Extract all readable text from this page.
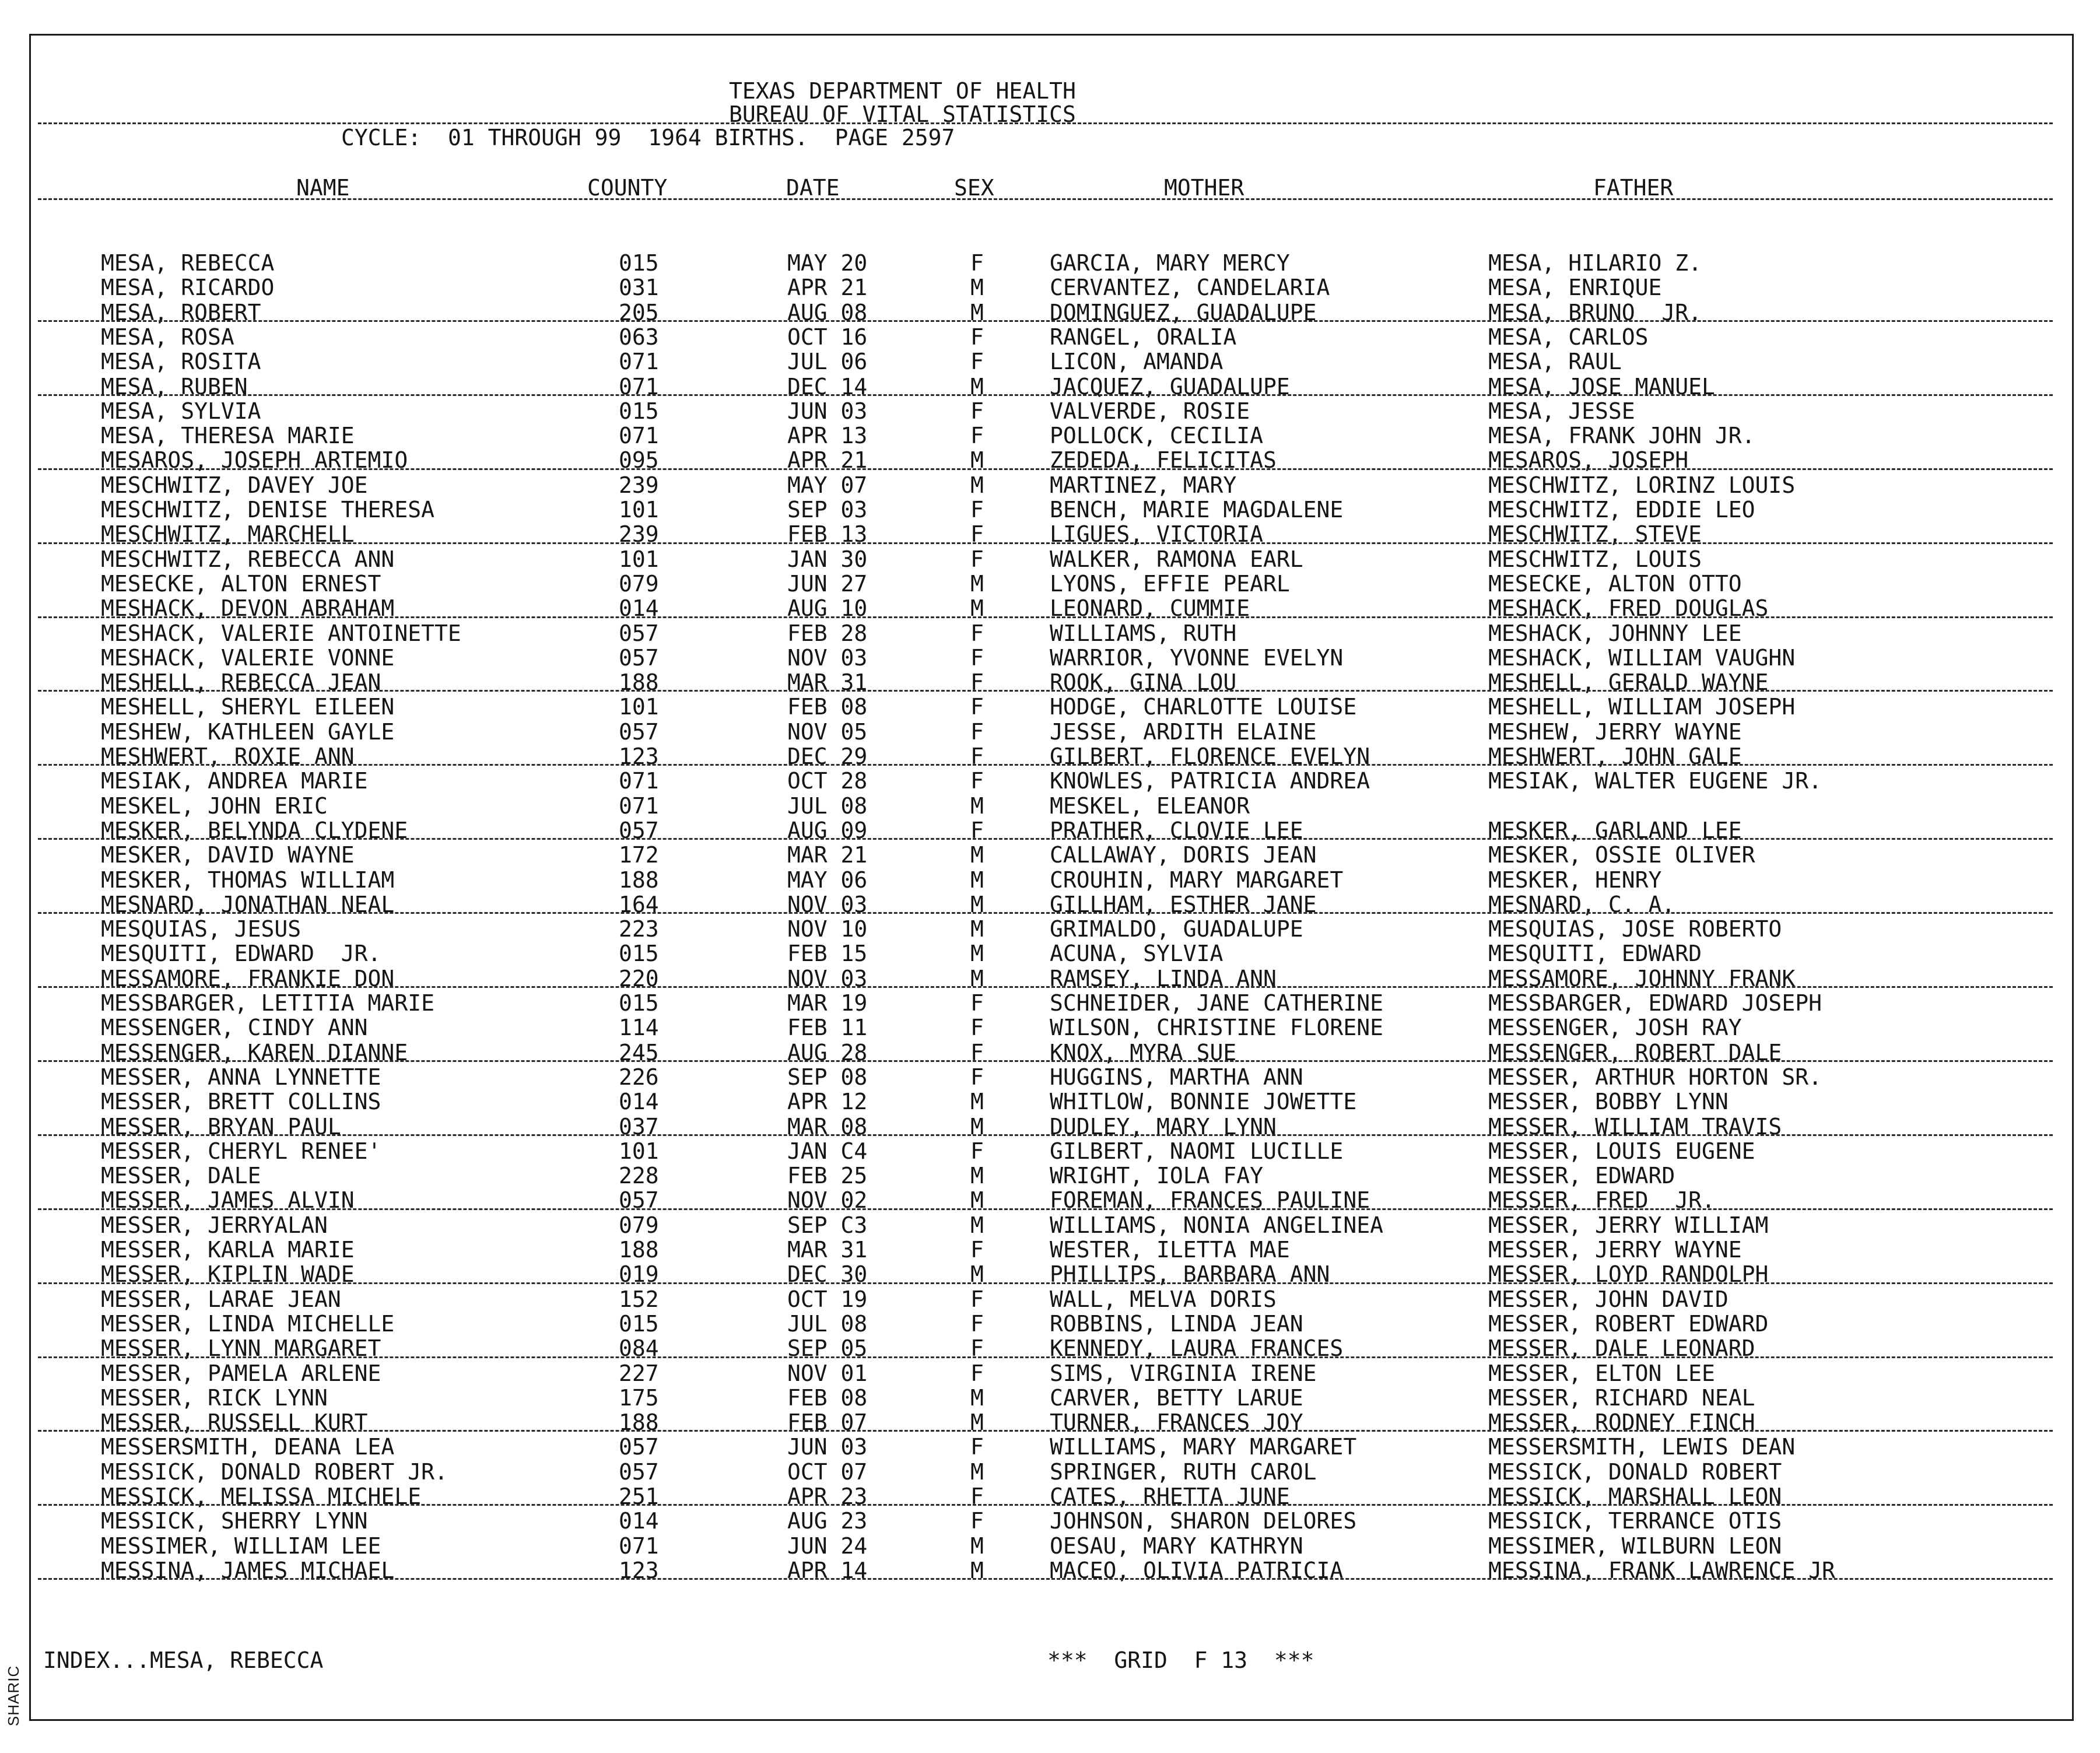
SHARIC
TEXAS DEPARTMENT OF HEALTH
BUREAU OF VITAL STATISTICS
CYCLE:  01 THROUGH 99  1964 BIRTHS.  PAGE 2597
NAME	COUNTY	DATE	SEX	MOTHER	FATHER
MESA, REBECCA	015	MAY 20	F	GARCIA, MARY MERCY	MESA, HILARIO Z.
MESA, RICARDO	031	APR 21	M	CERVANTEZ, CANDELARIA	MESA, ENRIQUE
MESA, ROBERT	205	AUG 08	M	DOMINGUEZ, GUADALUPE	MESA, BRUNO  JR.
MESA, ROSA	063	OCT 16	F	RANGEL, ORALIA	MESA, CARLOS
MESA, ROSITA	071	JUL 06	F	LICON, AMANDA	MESA, RAUL
MESA, RUBEN	071	DEC 14	M	JACQUEZ, GUADALUPE	MESA, JOSE MANUEL
MESA, SYLVIA	015	JUN 03	F	VALVERDE, ROSIE	MESA, JESSE
MESA, THERESA MARIE	071	APR 13	F	POLLOCK, CECILIA	MESA, FRANK JOHN JR.
MESAROS, JOSEPH ARTEMIO	095	APR 21	M	ZEDEDA, FELICITAS	MESAROS, JOSEPH
MESCHWITZ, DAVEY JOE	239	MAY 07	M	MARTINEZ, MARY	MESCHWITZ, LORINZ LOUIS
MESCHWITZ, DENISE THERESA	101	SEP 03	F	BENCH, MARIE MAGDALENE	MESCHWITZ, EDDIE LEO
MESCHWITZ, MARCHELL	239	FEB 13	F	LIGUES, VICTORIA	MESCHWITZ, STEVE
MESCHWITZ, REBECCA ANN	101	JAN 30	F	WALKER, RAMONA EARL	MESCHWITZ, LOUIS
MESECKE, ALTON ERNEST	079	JUN 27	M	LYONS, EFFIE PEARL	MESECKE, ALTON OTTO
MESHACK, DEVON ABRAHAM	014	AUG 10	M	LEONARD, CUMMIE	MESHACK, FRED DOUGLAS
MESHACK, VALERIE ANTOINETTE	057	FEB 28	F	WILLIAMS, RUTH	MESHACK, JOHNNY LEE
MESHACK, VALERIE VONNE	057	NOV 03	F	WARRIOR, YVONNE EVELYN	MESHACK, WILLIAM VAUGHN
MESHELL, REBECCA JEAN	188	MAR 31	F	ROOK, GINA LOU	MESHELL, GERALD WAYNE
MESHELL, SHERYL EILEEN	101	FEB 08	F	HODGE, CHARLOTTE LOUISE	MESHELL, WILLIAM JOSEPH
MESHEW, KATHLEEN GAYLE	057	NOV 05	F	JESSE, ARDITH ELAINE	MESHEW, JERRY WAYNE
MESHWERT, ROXIE ANN	123	DEC 29	F	GILBERT, FLORENCE EVELYN	MESHWERT, JOHN GALE
MESIAK, ANDREA MARIE	071	OCT 28	F	KNOWLES, PATRICIA ANDREA	MESIAK, WALTER EUGENE JR.
MESKEL, JOHN ERIC	071	JUL 08	M	MESKEL, ELEANOR
MESKER, BELYNDA CLYDENE	057	AUG 09	F	PRATHER, CLOVIE LEE	MESKER, GARLAND LEE
MESKER, DAVID WAYNE	172	MAR 21	M	CALLAWAY, DORIS JEAN	MESKER, OSSIE OLIVER
MESKER, THOMAS WILLIAM	188	MAY 06	M	CROUHIN, MARY MARGARET	MESKER, HENRY
MESNARD, JONATHAN NEAL	164	NOV 03	M	GILLHAM, ESTHER JANE	MESNARD, C. A.
MESQUIAS, JESUS	223	NOV 10	M	GRIMALDO, GUADALUPE	MESQUIAS, JOSE ROBERTO
MESQUITI, EDWARD  JR.	015	FEB 15	M	ACUNA, SYLVIA	MESQUITI, EDWARD
MESSAMORE, FRANKIE DON	220	NOV 03	M	RAMSEY, LINDA ANN	MESSAMORE, JOHNNY FRANK
MESSBARGER, LETITIA MARIE	015	MAR 19	F	SCHNEIDER, JANE CATHERINE	MESSBARGER, EDWARD JOSEPH
MESSENGER, CINDY ANN	114	FEB 11	F	WILSON, CHRISTINE FLORENE	MESSENGER, JOSH RAY
MESSENGER, KAREN DIANNE	245	AUG 28	F	KNOX, MYRA SUE	MESSENGER, ROBERT DALE
MESSER, ANNA LYNNETTE	226	SEP 08	F	HUGGINS, MARTHA ANN	MESSER, ARTHUR HORTON SR.
MESSER, BRETT COLLINS	014	APR 12	M	WHITLOW, BONNIE JOWETTE	MESSER, BOBBY LYNN
MESSER, BRYAN PAUL	037	MAR 08	M	DUDLEY, MARY LYNN	MESSER, WILLIAM TRAVIS
MESSER, CHERYL RENEE'	101	JAN C4	F	GILBERT, NAOMI LUCILLE	MESSER, LOUIS EUGENE
MESSER, DALE	228	FEB 25	M	WRIGHT, IOLA FAY	MESSER, EDWARD
MESSER, JAMES ALVIN	057	NOV 02	M	FOREMAN, FRANCES PAULINE	MESSER, FRED  JR.
MESSER, JERRYALAN	079	SEP C3	M	WILLIAMS, NONIA ANGELINEA	MESSER, JERRY WILLIAM
MESSER, KARLA MARIE	188	MAR 31	F	WESTER, ILETTA MAE	MESSER, JERRY WAYNE
MESSER, KIPLIN WADE	019	DEC 30	M	PHILLIPS, BARBARA ANN	MESSER, LOYD RANDOLPH
MESSER, LARAE JEAN	152	OCT 19	F	WALL, MELVA DORIS	MESSER, JOHN DAVID
MESSER, LINDA MICHELLE	015	JUL 08	F	ROBBINS, LINDA JEAN	MESSER, ROBERT EDWARD
MESSER, LYNN MARGARET	084	SEP 05	F	KENNEDY, LAURA FRANCES	MESSER, DALE LEONARD
MESSER, PAMELA ARLENE	227	NOV 01	F	SIMS, VIRGINIA IRENE	MESSER, ELTON LEE
MESSER, RICK LYNN	175	FEB 08	M	CARVER, BETTY LARUE	MESSER, RICHARD NEAL
MESSER, RUSSELL KURT	188	FEB 07	M	TURNER, FRANCES JOY	MESSER, RODNEY FINCH
MESSERSMITH, DEANA LEA	057	JUN 03	F	WILLIAMS, MARY MARGARET	MESSERSMITH, LEWIS DEAN
MESSICK, DONALD ROBERT JR.	057	OCT 07	M	SPRINGER, RUTH CAROL	MESSICK, DONALD ROBERT
MESSICK, MELISSA MICHELE	251	APR 23	F	CATES, RHETTA JUNE	MESSICK, MARSHALL LEON
MESSICK, SHERRY LYNN	014	AUG 23	F	JOHNSON, SHARON DELORES	MESSICK, TERRANCE OTIS
MESSIMER, WILLIAM LEE	071	JUN 24	M	OESAU, MARY KATHRYN	MESSIMER, WILBURN LEON
MESSINA, JAMES MICHAEL	123	APR 14	M	MACEO, OLIVIA PATRICIA	MESSINA, FRANK LAWRENCE JR
INDEX...MESA, REBECCA	***  GRID  F 13  ***
